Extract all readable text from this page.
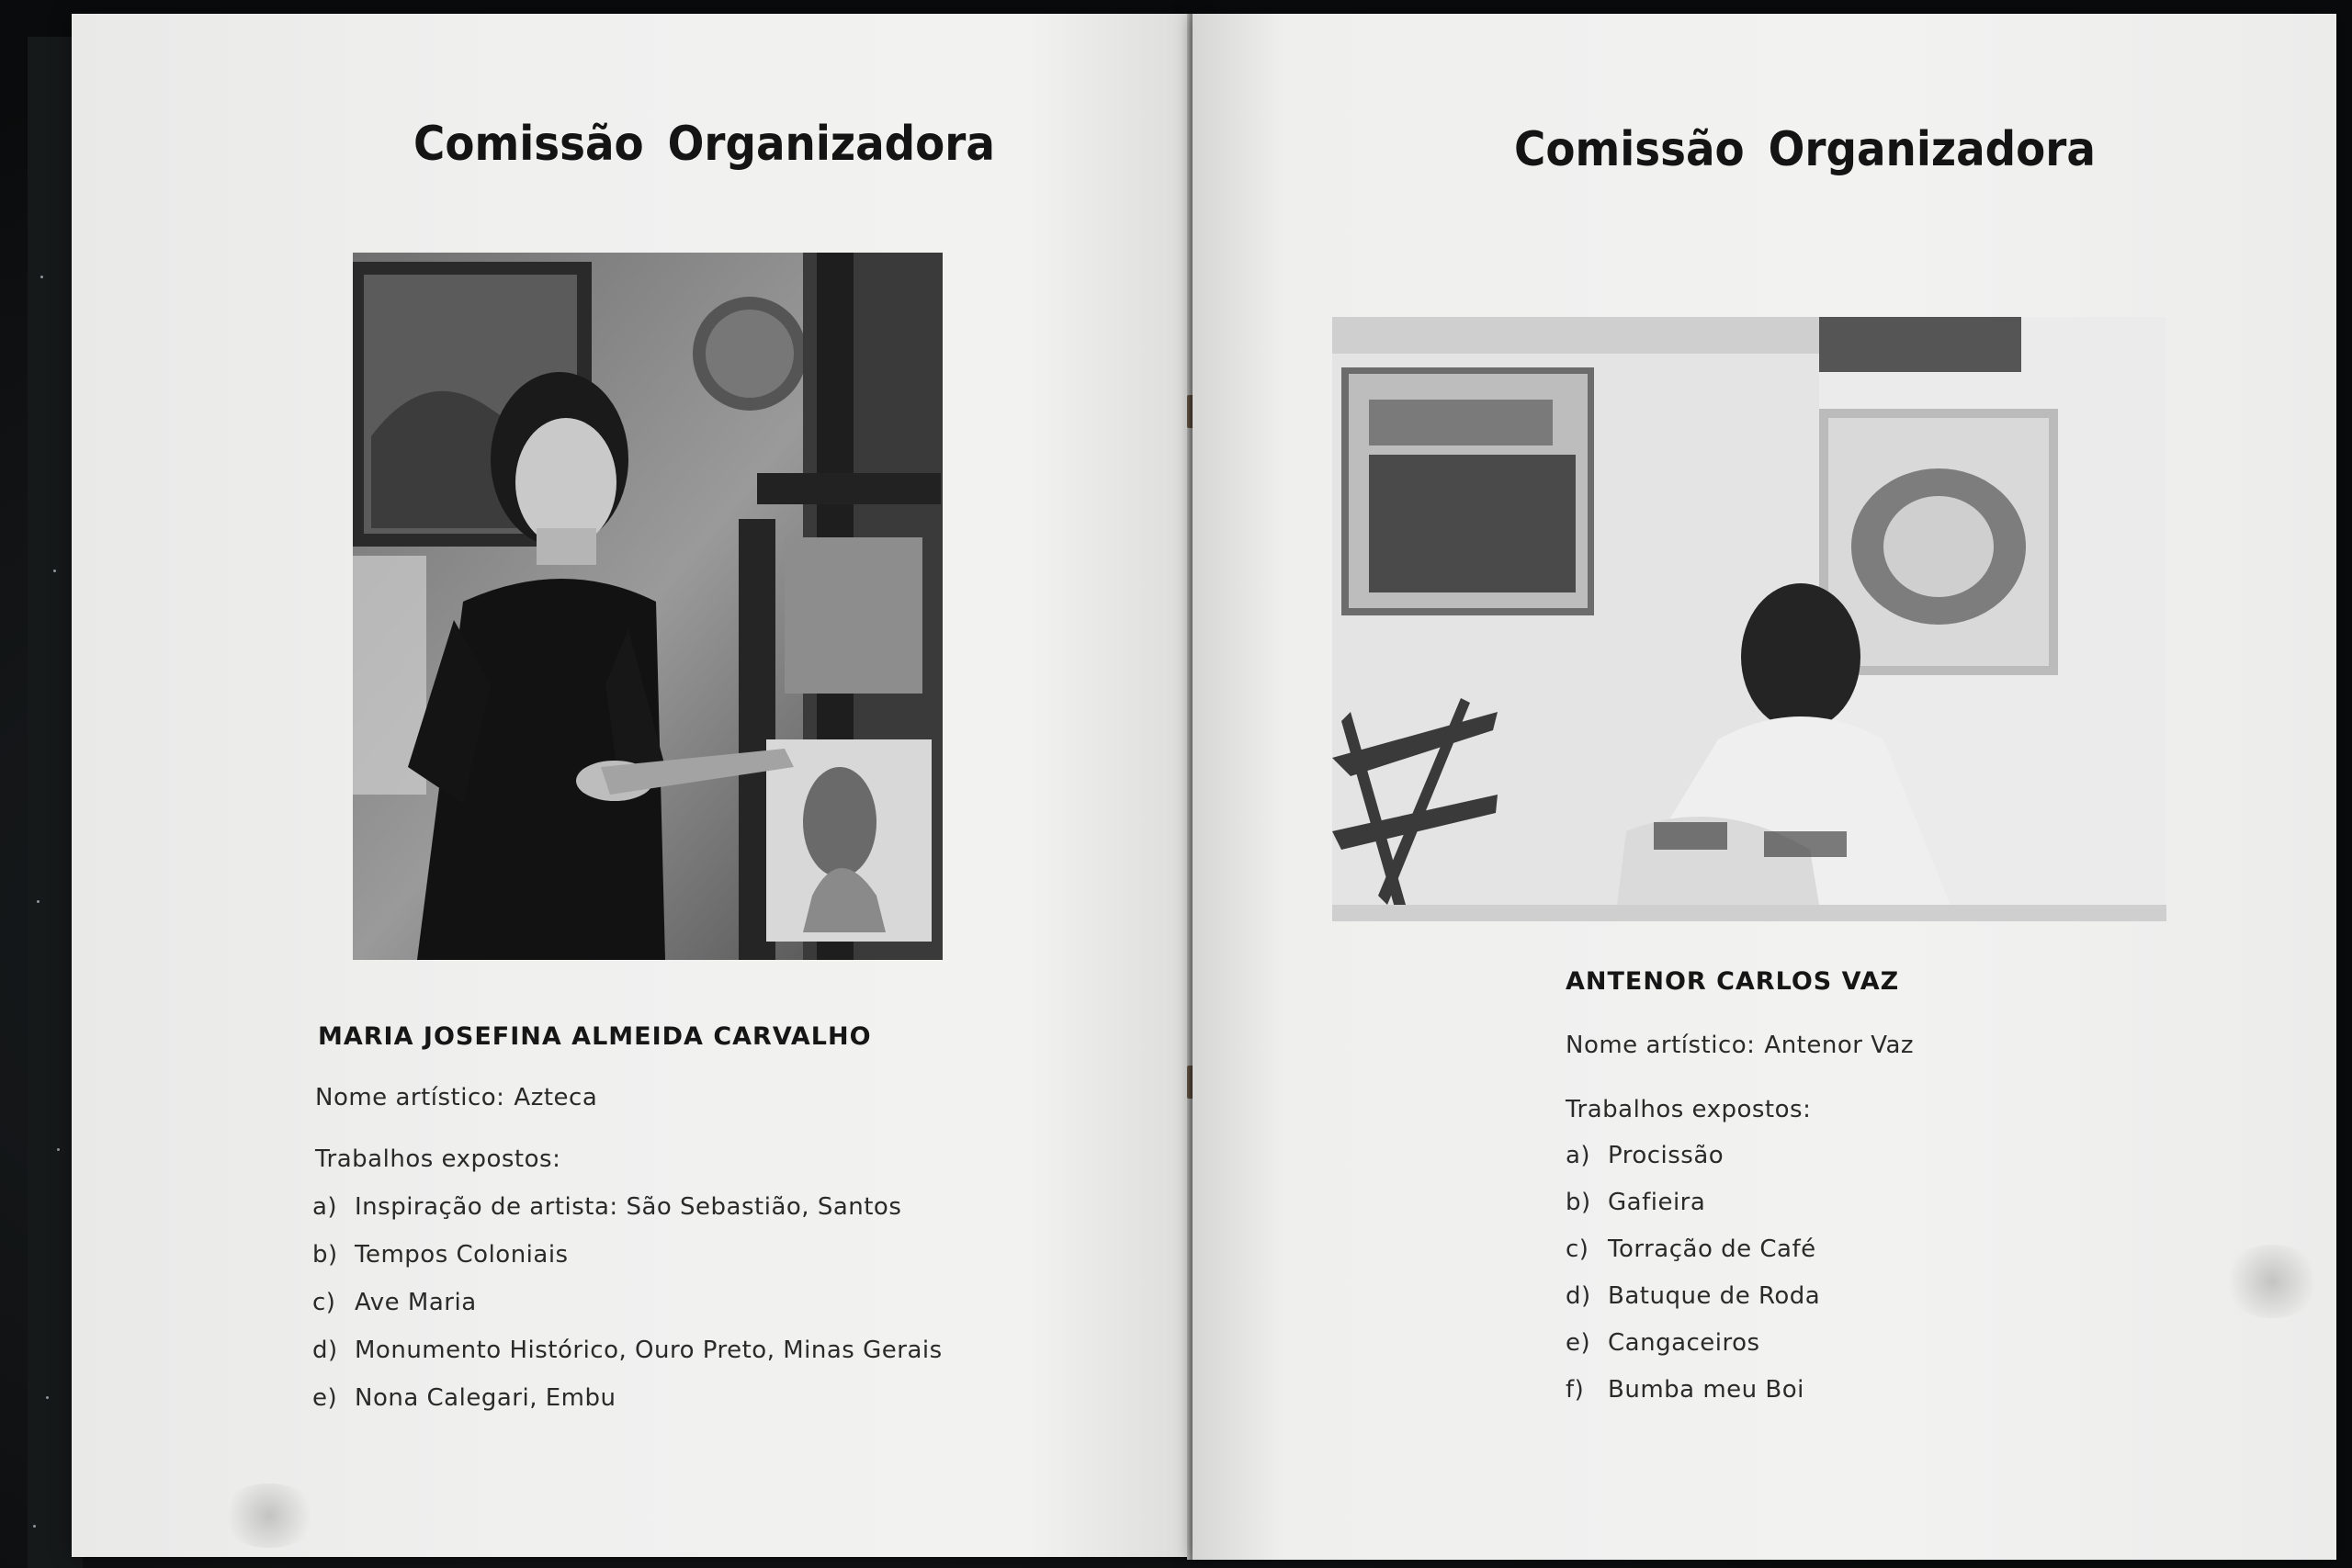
Comissão Organizadora
MARIA JOSEFINA ALMEIDA CARVALHO
Nome artístico: Azteca
Trabalhos expostos:
a) Inspiração de artista: São Sebastião, Santos
b) Tempos Coloniais
c) Ave Maria
d) Monumento Histórico, Ouro Preto, Minas Gerais
e) Nona Calegari, Embu
Comissão Organizadora
ANTENOR CARLOS VAZ
Nome artístico: Antenor Vaz
Trabalhos expostos:
a) Procissão
b) Gafieira
c) Torração de Café
d) Batuque de Roda
e) Cangaceiros
f) Bumba meu Boi
